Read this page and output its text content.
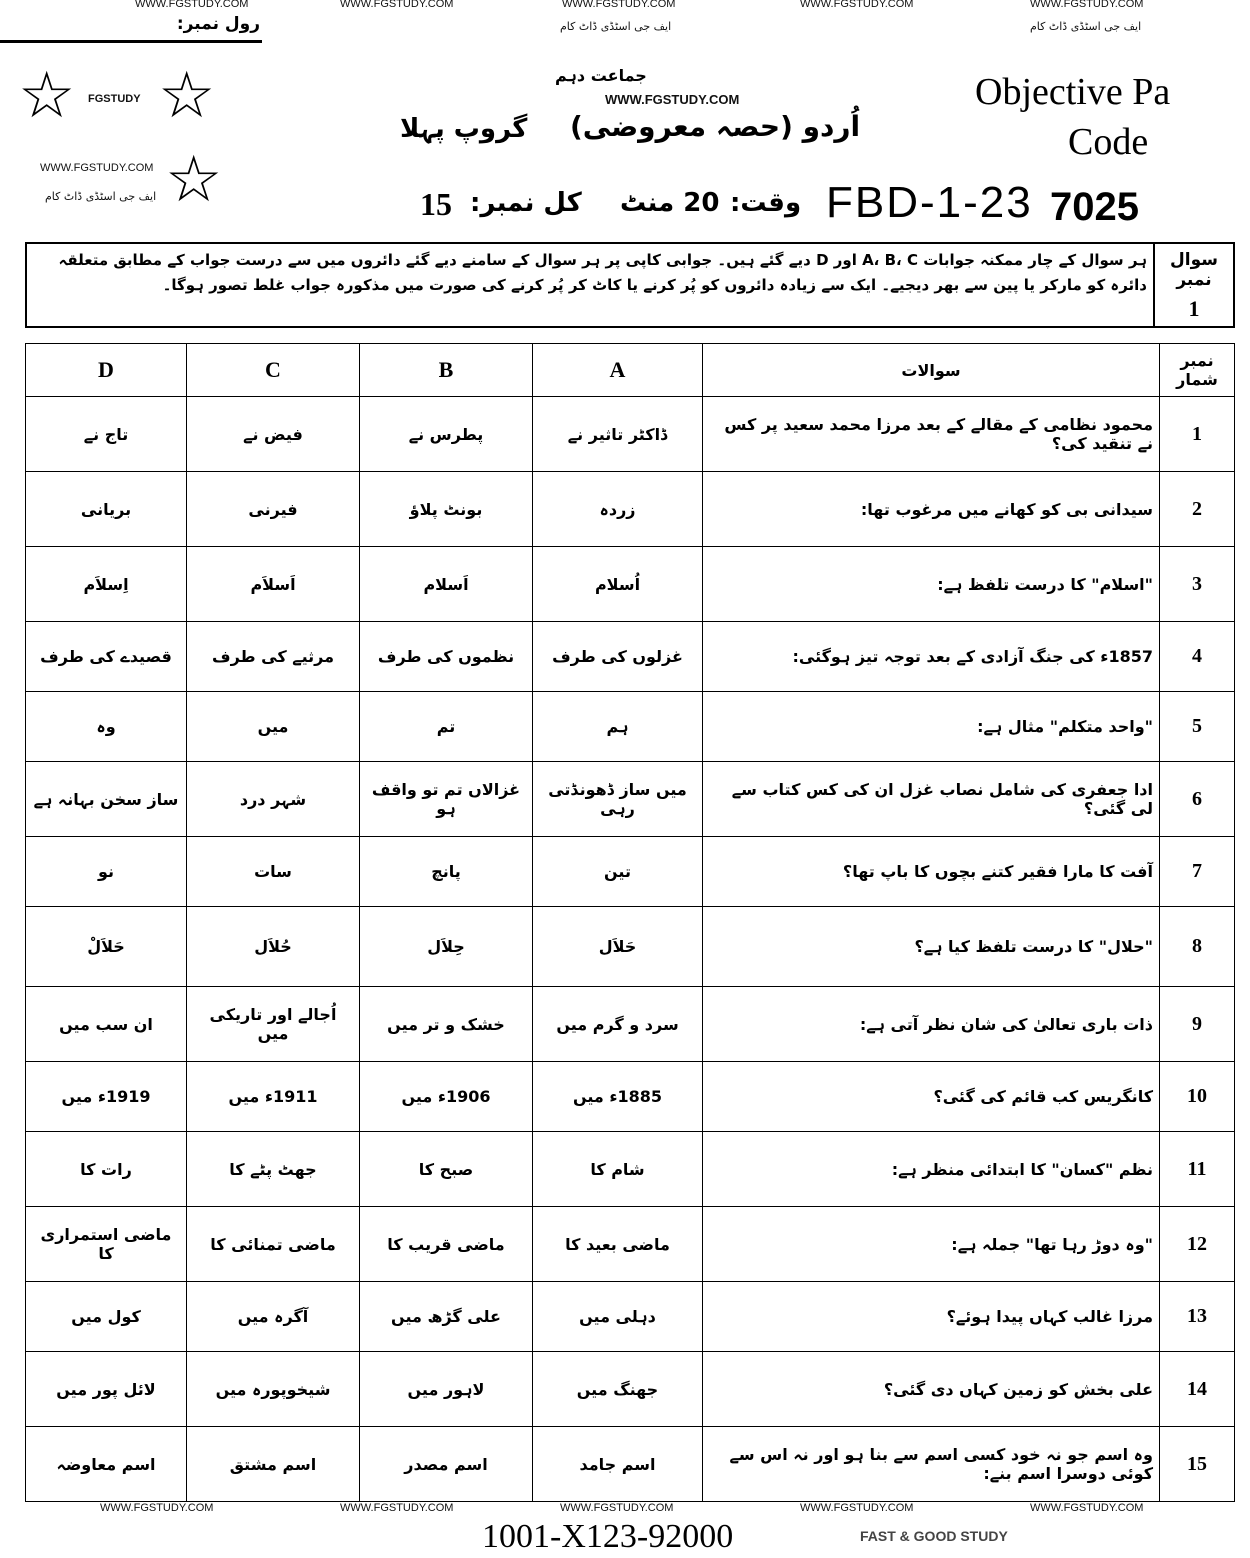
WWW.FGSTUDY.COM	WWW.FGSTUDY.COM	WWW.FGSTUDY.COM	WWW.FGSTUDY.COM	WWW.FGSTUDY.COM
ایف جی اسٹڈی ڈاٹ کام	ایف جی اسٹڈی ڈاٹ کام
رول نمبر:
☆ ☆
☆
FGSTUDY
WWW.FGSTUDY.COM
ایف جی اسٹڈی ڈاٹ کام
جماعت دہم
WWW.FGSTUDY.COM
اُردو (حصہ معروضی)
گروپ پہلا
Objective Pa
Code
15 کل نمبر: 20 منٹ وقت: FBD-1-23 7025
سوال نمبر
1
ہر سوال کے چار ممکنہ جوابات A، B، C اور D دیے گئے ہیں۔ جوابی کاپی پر ہر سوال کے سامنے دیے گئے دائروں میں سے درست جواب کے مطابق متعلقہ دائرہ کو مارکر یا پین سے بھر دیجیے۔ ایک سے زیادہ دائروں کو پُر کرنے یا کاٹ کر پُر کرنے کی صورت میں مذکورہ جواب غلط تصور ہوگا۔
D	C	B	A	سوالات	نمبر شمار
تاج نے	فیض نے	پطرس نے	ڈاکٹر تاثیر نے	محمود نظامی کے مقالے کے بعد مرزا محمد سعید پر کس نے تنقید کی؟	1
بریانی	فیرنی	بونٹ پلاؤ	زردہ	سیدانی بی کو کھانے میں مرغوب تھا:	2
اِسلاَم	اَسلاَم	اَسلام	اُسلام	"اسلام" کا درست تلفظ ہے:	3
قصیدے کی طرف	مرثیے کی طرف	نظموں کی طرف	غزلوں کی طرف	1857ء کی جنگ آزادی کے بعد توجہ تیز ہوگئی:	4
وہ	میں	تم	ہم	"واحد متکلم" مثال ہے:	5
ساز سخن بہانہ ہے	شہر درد	غزالاں تم تو واقف ہو	میں ساز ڈھونڈتی رہی	ادا جعفری کی شامل نصاب غزل ان کی کس کتاب سے لی گئی؟	6
نو	سات	پانچ	تین	آفت کا مارا فقیر کتنے بچوں کا باپ تھا؟	7
حَلاَلْ	حُلاَل	حِلاَل	حَلاَل	"حلال" کا درست تلفظ کیا ہے؟	8
ان سب میں	اُجالے اور تاریکی میں	خشک و تر میں	سرد و گرم میں	ذات باری تعالیٰ کی شان نظر آتی ہے:	9
1919ء میں	1911ء میں	1906ء میں	1885ء میں	کانگریس کب قائم کی گئی؟	10
رات کا	جھٹ پٹے کا	صبح کا	شام کا	نظم "کسان" کا ابتدائی منظر ہے:	11
ماضی استمراری کا	ماضی تمنائی کا	ماضی قریب کا	ماضی بعید کا	"وہ دوڑ رہا تھا" جملہ ہے:	12
کول میں	آگرہ میں	علی گڑھ میں	دہلی میں	مرزا غالب کہاں پیدا ہوئے؟	13
لائل پور میں	شیخوپورہ میں	لاہور میں	جھنگ میں	علی بخش کو زمین کہاں دی گئی؟	14
اسم معاوضہ	اسم مشتق	اسم مصدر	اسم جامد	وہ اسم جو نہ خود کسی اسم سے بنا ہو اور نہ اس سے کوئی دوسرا اسم بنے:	15
WWW.FGSTUDY.COM	WWW.FGSTUDY.COM	WWW.FGSTUDY.COM	WWW.FGSTUDY.COM	WWW.FGSTUDY.COM
1001-X123-92000	FAST & GOOD STUDY
